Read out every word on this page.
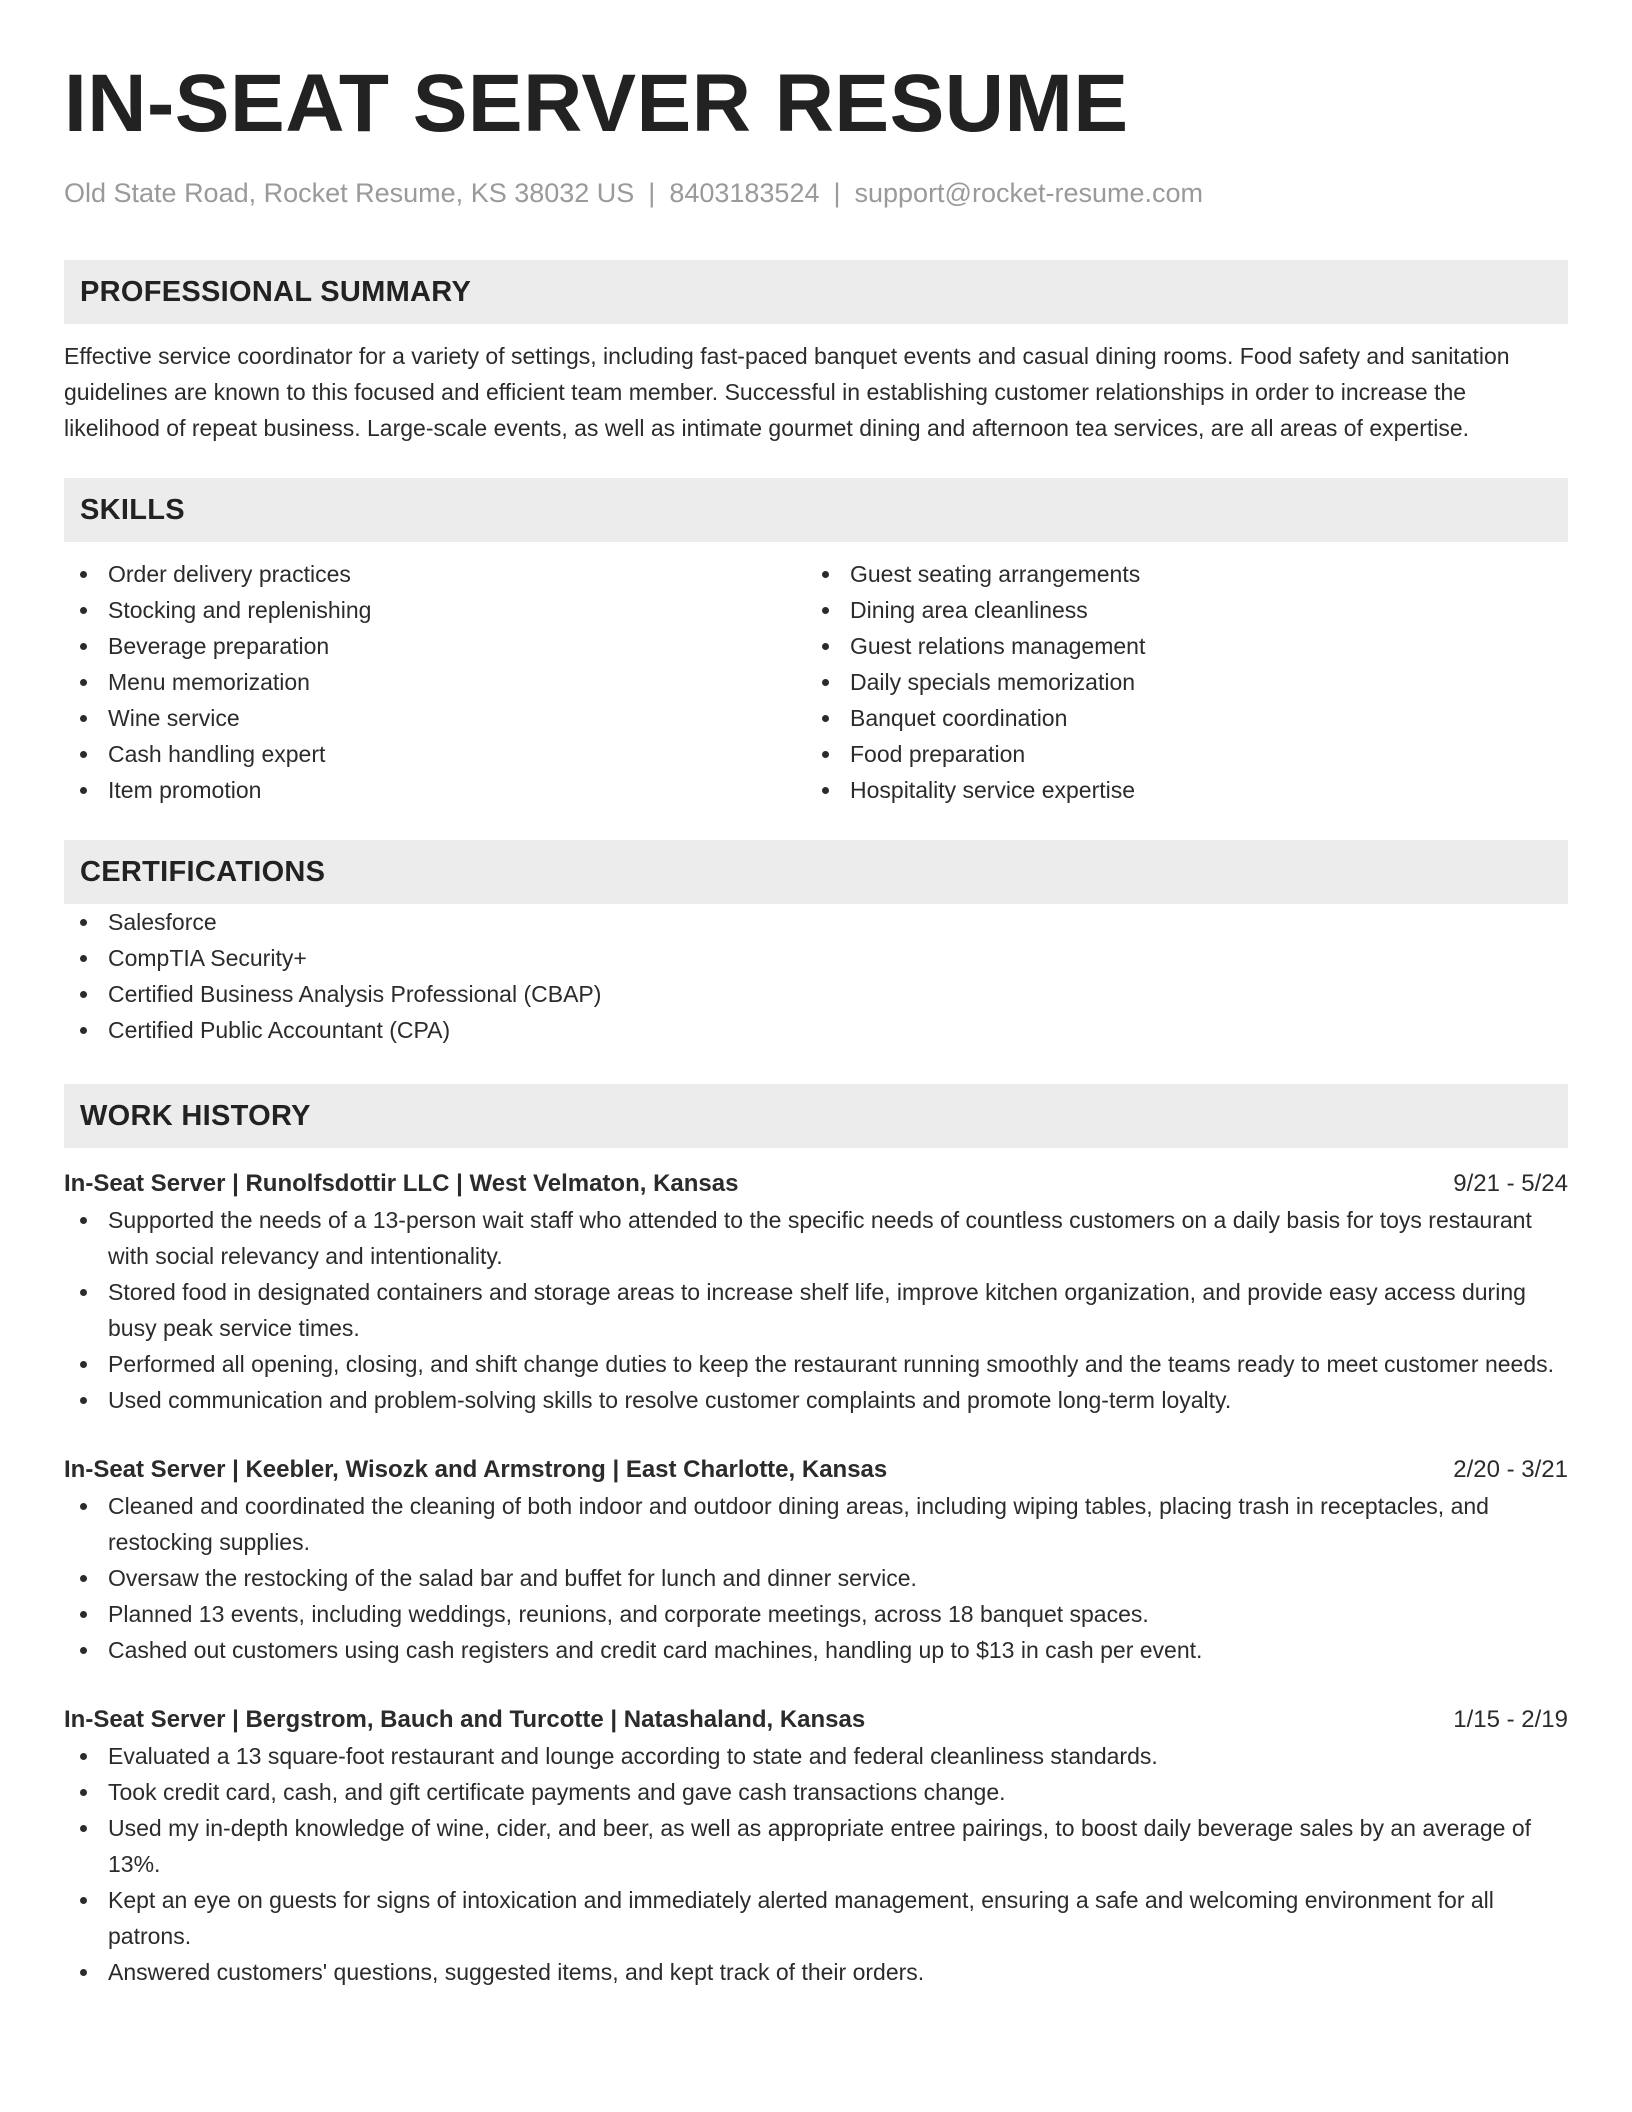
IN-SEAT SERVER RESUME
Old State Road, Rocket Resume, KS 38032 US | 8403183524 | support@rocket-resume.com
PROFESSIONAL SUMMARY
Effective service coordinator for a variety of settings, including fast-paced banquet events and casual dining rooms. Food safety and sanitation guidelines are known to this focused and efficient team member. Successful in establishing customer relationships in order to increase the likelihood of repeat business. Large-scale events, as well as intimate gourmet dining and afternoon tea services, are all areas of expertise.
SKILLS
Order delivery practices
Stocking and replenishing
Beverage preparation
Menu memorization
Wine service
Cash handling expert
Item promotion
Guest seating arrangements
Dining area cleanliness
Guest relations management
Daily specials memorization
Banquet coordination
Food preparation
Hospitality service expertise
CERTIFICATIONS
Salesforce
CompTIA Security+
Certified Business Analysis Professional (CBAP)
Certified Public Accountant (CPA)
WORK HISTORY
In-Seat Server | Runolfsdottir LLC | West Velmaton, Kansas	9/21 - 5/24
Supported the needs of a 13-person wait staff who attended to the specific needs of countless customers on a daily basis for toys restaurant with social relevancy and intentionality.
Stored food in designated containers and storage areas to increase shelf life, improve kitchen organization, and provide easy access during busy peak service times.
Performed all opening, closing, and shift change duties to keep the restaurant running smoothly and the teams ready to meet customer needs.
Used communication and problem-solving skills to resolve customer complaints and promote long-term loyalty.
In-Seat Server | Keebler, Wisozk and Armstrong | East Charlotte, Kansas	2/20 - 3/21
Cleaned and coordinated the cleaning of both indoor and outdoor dining areas, including wiping tables, placing trash in receptacles, and restocking supplies.
Oversaw the restocking of the salad bar and buffet for lunch and dinner service.
Planned 13 events, including weddings, reunions, and corporate meetings, across 18 banquet spaces.
Cashed out customers using cash registers and credit card machines, handling up to $13 in cash per event.
In-Seat Server | Bergstrom, Bauch and Turcotte | Natashaland, Kansas	1/15 - 2/19
Evaluated a 13 square-foot restaurant and lounge according to state and federal cleanliness standards.
Took credit card, cash, and gift certificate payments and gave cash transactions change.
Used my in-depth knowledge of wine, cider, and beer, as well as appropriate entree pairings, to boost daily beverage sales by an average of 13%.
Kept an eye on guests for signs of intoxication and immediately alerted management, ensuring a safe and welcoming environment for all patrons.
Answered customers' questions, suggested items, and kept track of their orders.
